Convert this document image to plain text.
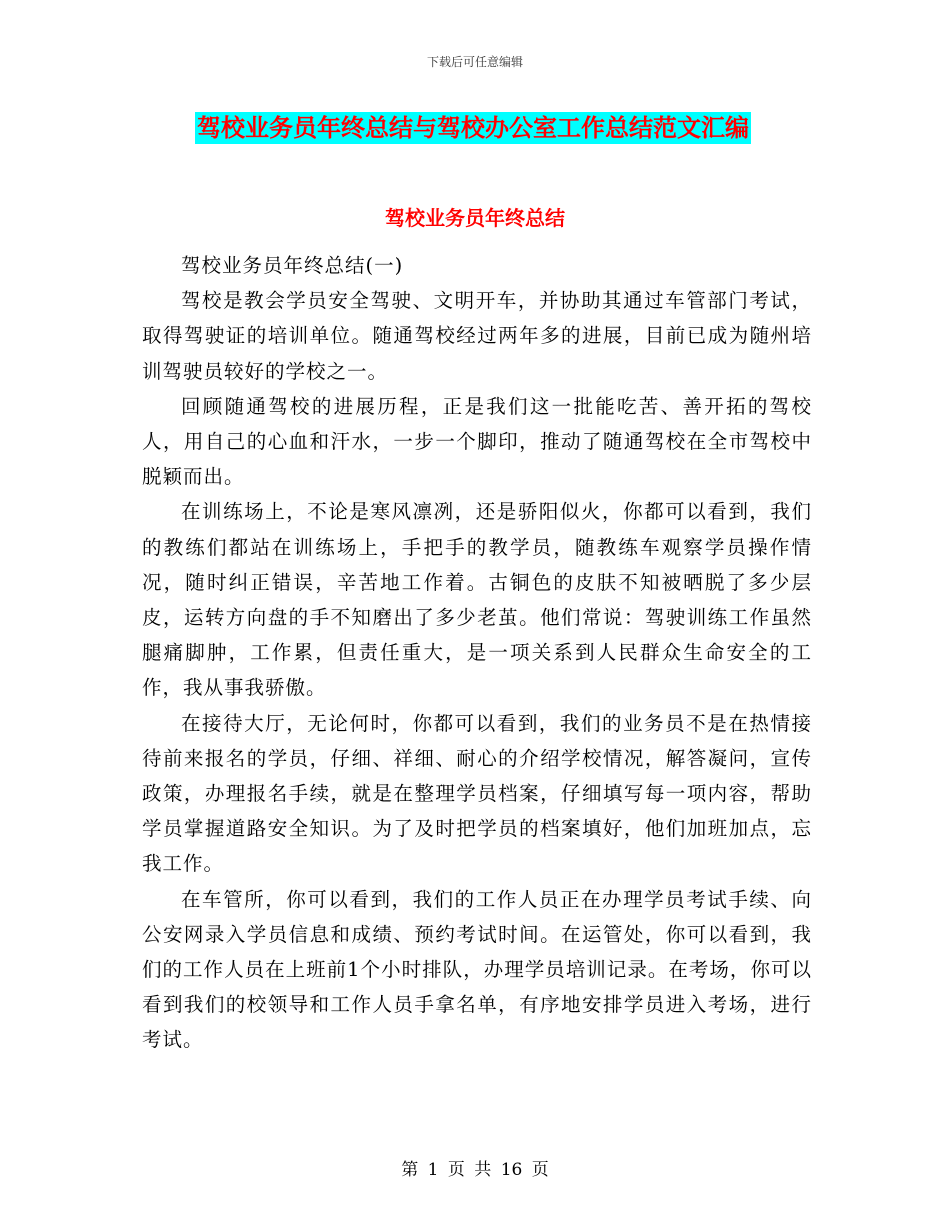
下载后可任意编辑
驾校业务员年终总结与驾校办公室工作总结范文汇编
驾校业务员年终总结

驾校业务员年终总结(一)

驾校是教会学员安全驾驶、文明开车，并协助其通过车管部门考试，取得驾驶证的培训单位。随通驾校经过两年多的进展，目前已成为随州培训驾驶员较好的学校之一。

回顾随通驾校的进展历程，正是我们这一批能吃苦、善开拓的驾校人，用自己的心血和汗水，一步一个脚印，推动了随通驾校在全市驾校中脱颖而出。

在训练场上，不论是寒风凛冽，还是骄阳似火，你都可以看到，我们的教练们都站在训练场上，手把手的教学员，随教练车观察学员操作情况，随时纠正错误，辛苦地工作着。古铜色的皮肤不知被晒脱了多少层皮，运转方向盘的手不知磨出了多少老茧。他们常说：驾驶训练工作虽然腿痛脚肿，工作累，但责任重大，是一项关系到人民群众生命安全的工作，我从事我骄傲。

在接待大厅，无论何时，你都可以看到，我们的业务员不是在热情接待前来报名的学员，仔细、祥细、耐心的介绍学校情况，解答凝问，宣传政策，办理报名手续，就是在整理学员档案，仔细填写每一项内容，帮助学员掌握道路安全知识。为了及时把学员的档案填好，他们加班加点，忘我工作。

在车管所，你可以看到，我们的工作人员正在办理学员考试手续、向公安网录入学员信息和成绩、预约考试时间。在运管处，你可以看到，我们的工作人员在上班前1个小时排队，办理学员培训记录。在考场，你可以看到我们的校领导和工作人员手拿名单，有序地安排学员进入考场，进行考试。

第 1 页 共 16 页
